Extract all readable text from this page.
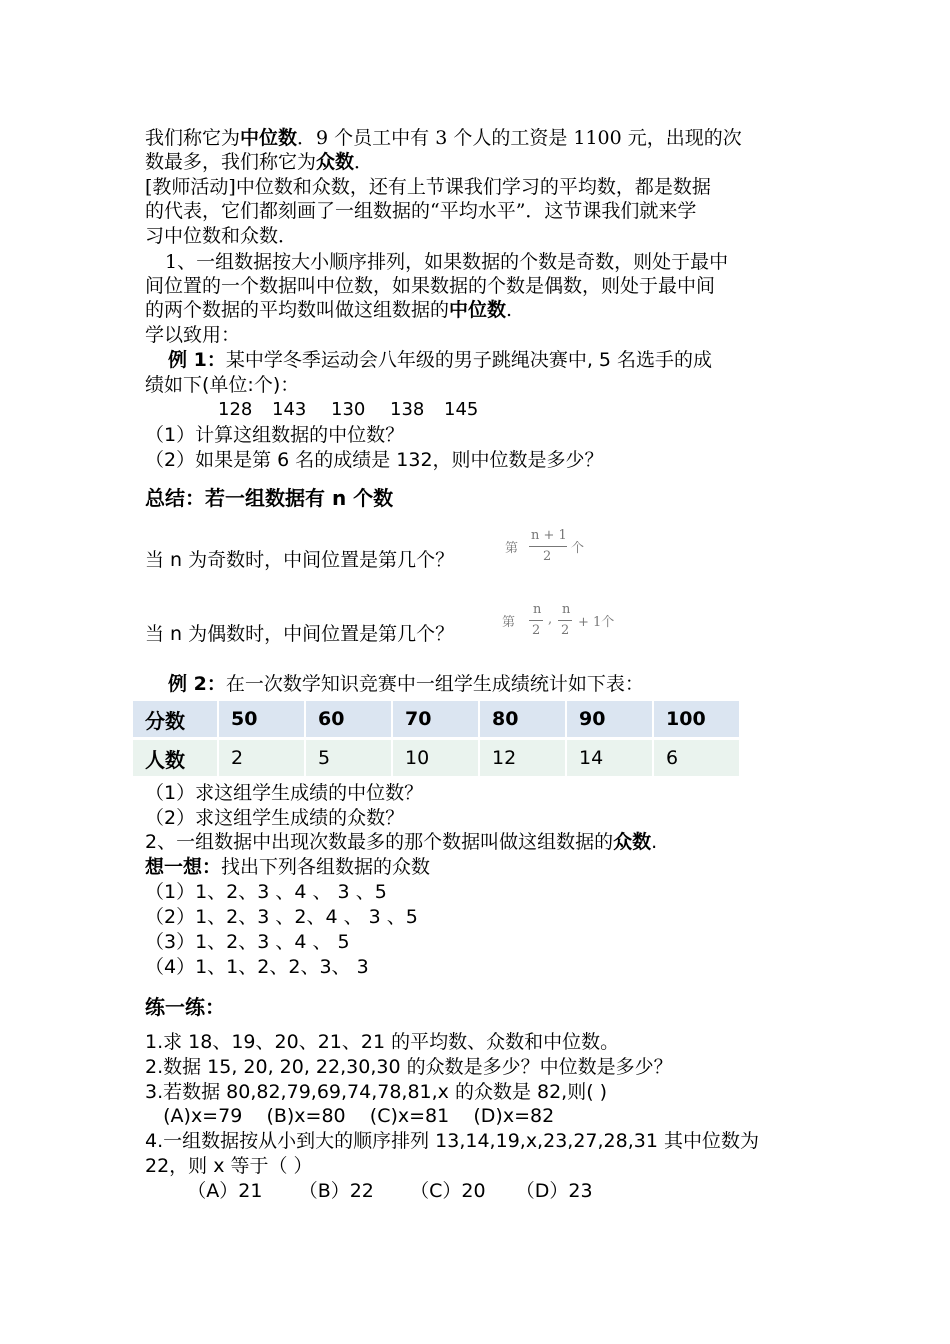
我们称它为中位数．9 个员工中有 3 个人的工资是 1100 元，出现的次
数最多，我们称它为众数．
[教师活动]中位数和众数，还有上节课我们学习的平均数，都是数据
的代表，它们都刻画了一组数据的“平均水平”．这节课我们就来学
习中位数和众数．
1、一组数据按大小顺序排列，如果数据的个数是奇数，则处于最中
间位置的一个数据叫中位数，如果数据的个数是偶数，则处于最中间
的两个数据的平均数叫做这组数据的中位数.
学以致用：
例 1：某中学冬季运动会八年级的男子跳绳决赛中, 5 名选手的成
绩如下(单位:个)：
128 143 130 138 145
（1）计算这组数据的中位数？
（2）如果是第 6 名的成绩是 132，则中位数是多少？
总结：若一组数据有 n 个数
当 n 为奇数时，中间位置是第几个？
第
n + 1
2
个
当 n 为偶数时，中间位置是第几个？
第
n
2
,
n
2
+ 1个
例 2：在一次数学知识竞赛中一组学生成绩统计如下表：
分数	50	60	70	80	90	100
人数	2	5	10	12	14	6
（1）求这组学生成绩的中位数？
（2）求这组学生成绩的众数？
2、一组数据中出现次数最多的那个数据叫做这组数据的众数.
想一想：找出下列各组数据的众数
（1）1、2、3 、4 、 3 、5
（2）1、2、3 、2、4 、 3 、5
（3）1、2、3 、4 、 5
（4）1、1、2、2、3、 3
练一练：
1.求 18、19、20、21、21 的平均数、众数和中位数。
2.数据 15, 20, 20, 22,30,30 的众数是多少？中位数是多少？
3.若数据 80,82,79,69,74,78,81,x 的众数是 82,则( )
(A)x=79    (B)x=80    (C)x=81    (D)x=82
4.一组数据按从小到大的顺序排列 13,14,19,x,23,27,28,31 其中位数为
22，则 x 等于（ ）
（A）21      （B）22      （C）20     （D）23
